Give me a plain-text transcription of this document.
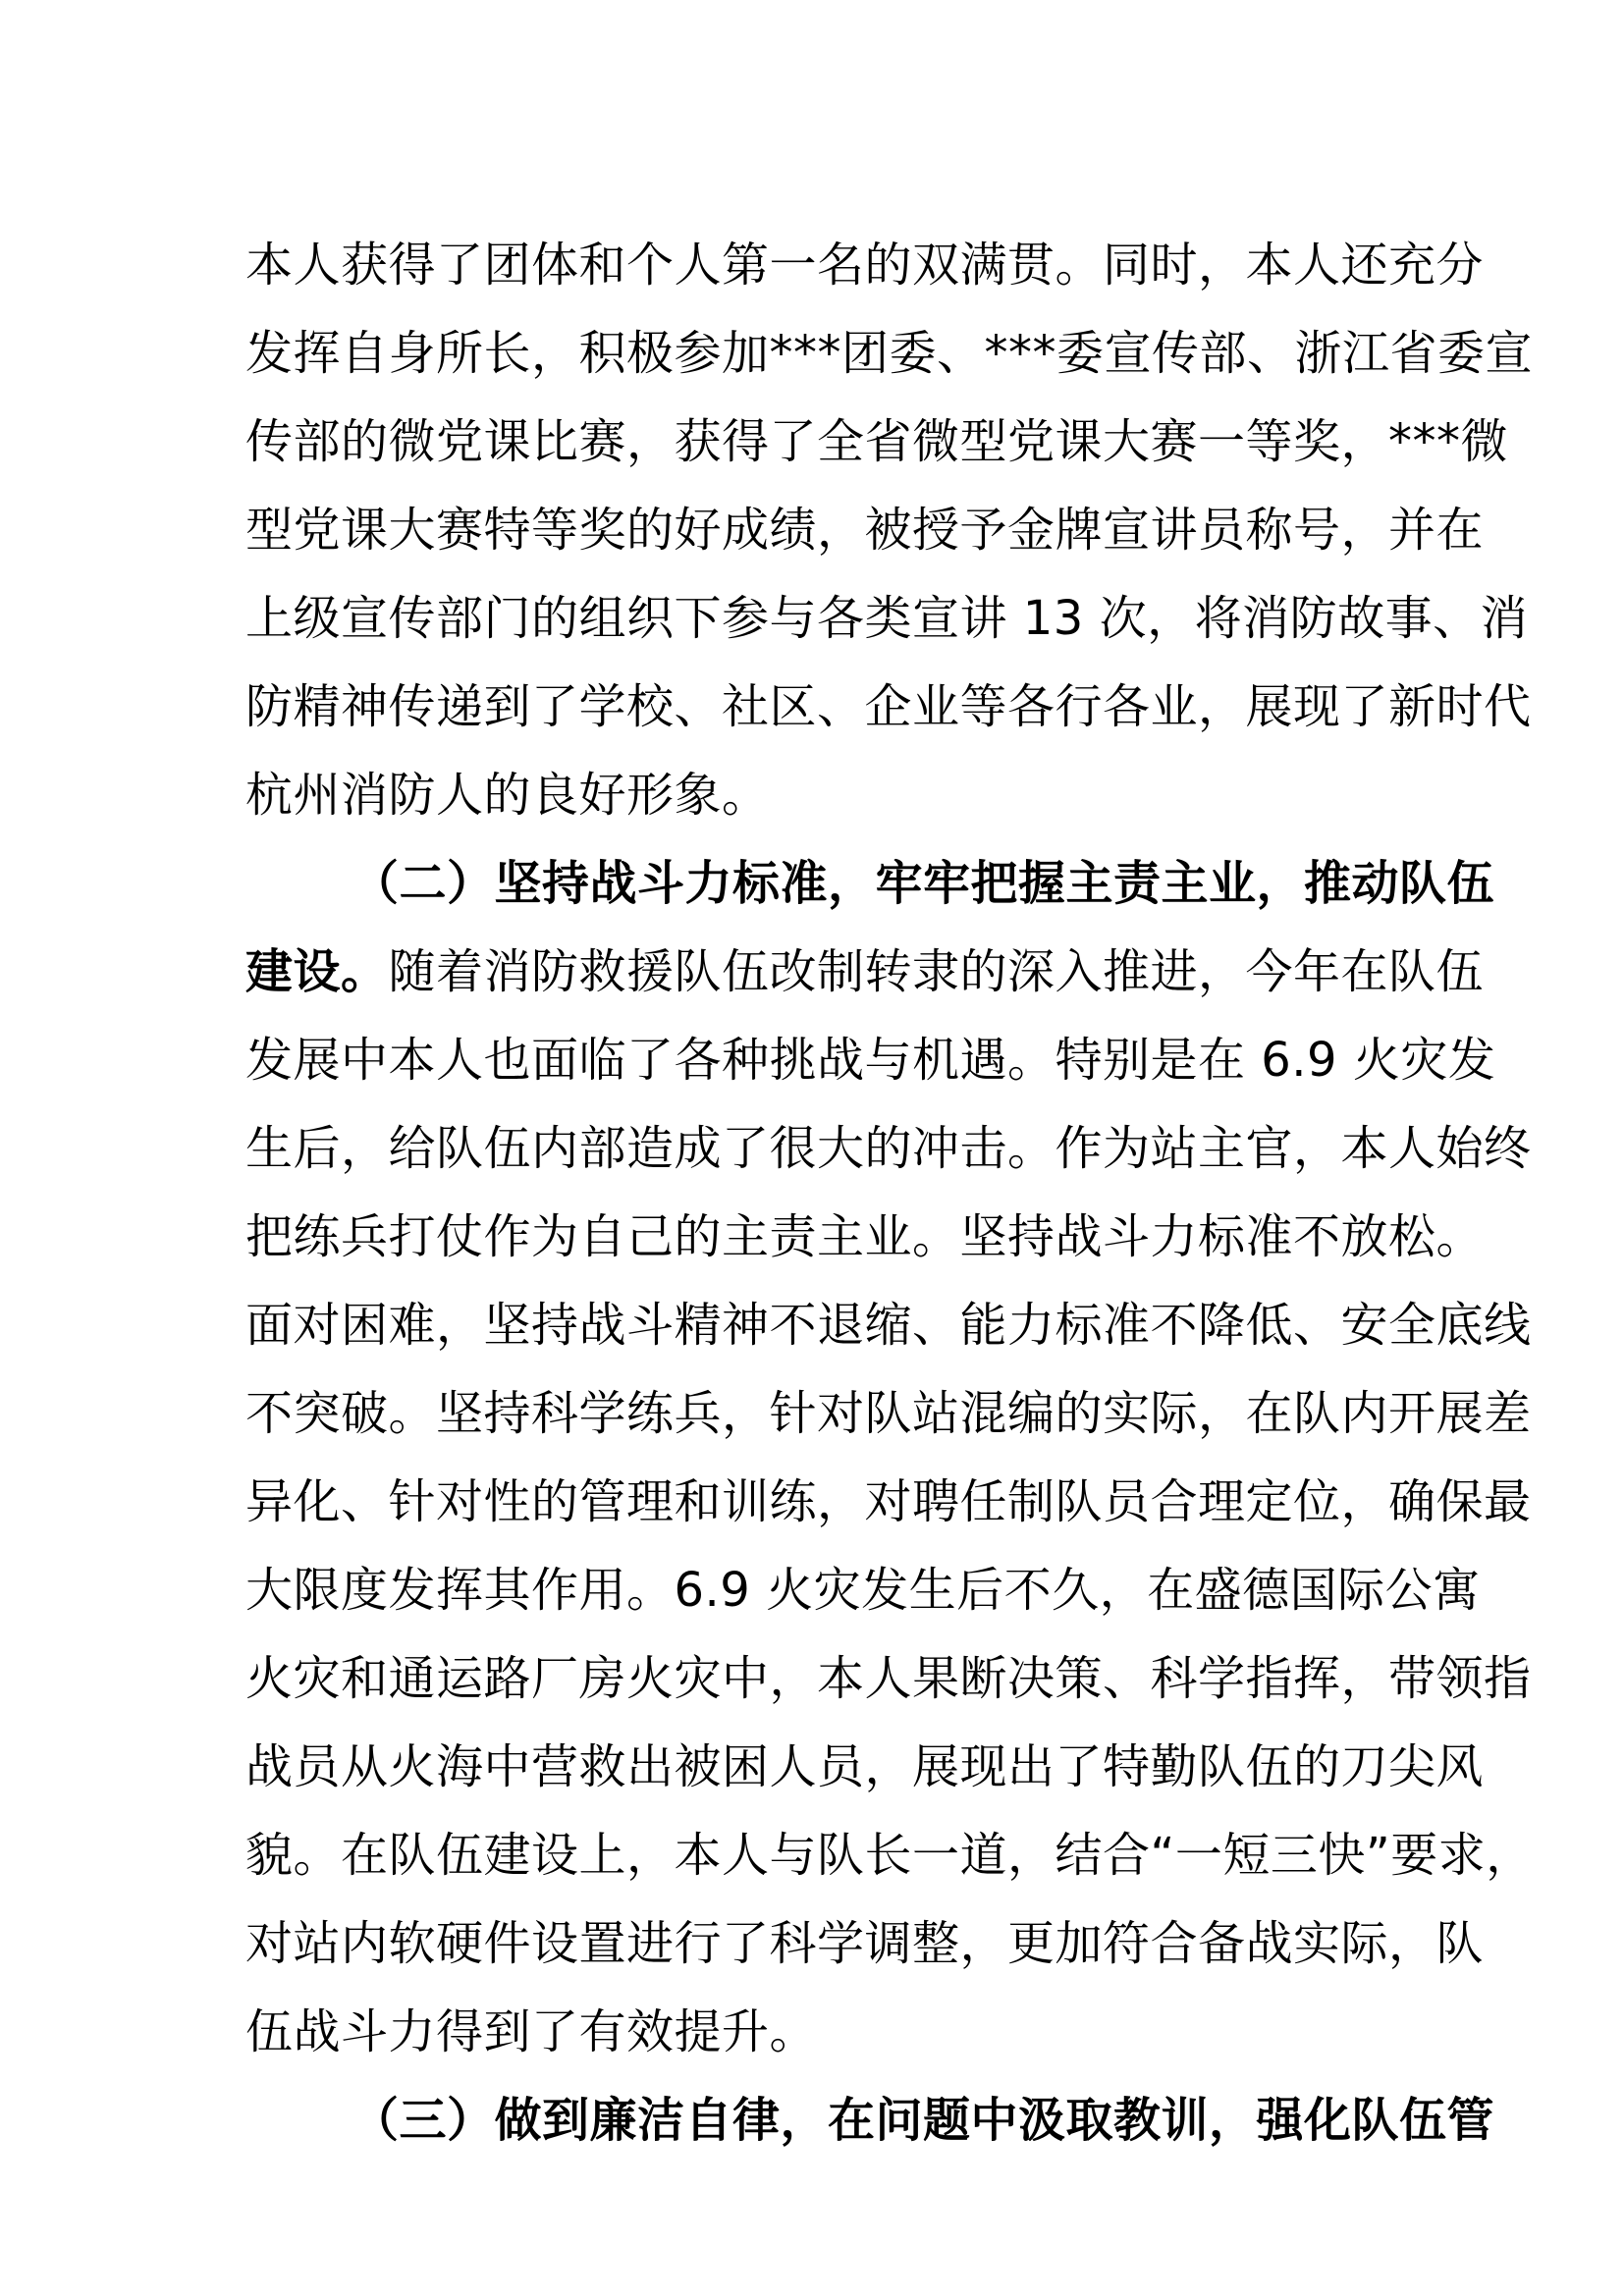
本人获得了团体和个人第一名的双满贯。同时，本人还充分
发挥自身所长，积极参加***团委、***委宣传部、浙江省委宣
传部的微党课比赛，获得了全省微型党课大赛一等奖，***微
型党课大赛特等奖的好成绩，被授予金牌宣讲员称号，并在
上级宣传部门的组织下参与各类宣讲 13 次，将消防故事、消
防精神传递到了学校、社区、企业等各行各业，展现了新时代
杭州消防人的良好形象。
（二）坚持战斗力标准，牢牢把握主责主业，推动队伍
建设。随着消防救援队伍改制转隶的深入推进，今年在队伍
发展中本人也面临了各种挑战与机遇。特别是在 6.9 火灾发
生后，给队伍内部造成了很大的冲击。作为站主官，本人始终
把练兵打仗作为自己的主责主业。坚持战斗力标准不放松。
面对困难，坚持战斗精神不退缩、能力标准不降低、安全底线
不突破。坚持科学练兵，针对队站混编的实际，在队内开展差
异化、针对性的管理和训练，对聘任制队员合理定位，确保最
大限度发挥其作用。6.9 火灾发生后不久，在盛德国际公寓
火灾和通运路厂房火灾中，本人果断决策、科学指挥，带领指
战员从火海中营救出被困人员，展现出了特勤队伍的刀尖风
貌。在队伍建设上，本人与队长一道，结合“一短三快”要求，
对站内软硬件设置进行了科学调整，更加符合备战实际，队
伍战斗力得到了有效提升。
（三）做到廉洁自律，在问题中汲取教训，强化队伍管
